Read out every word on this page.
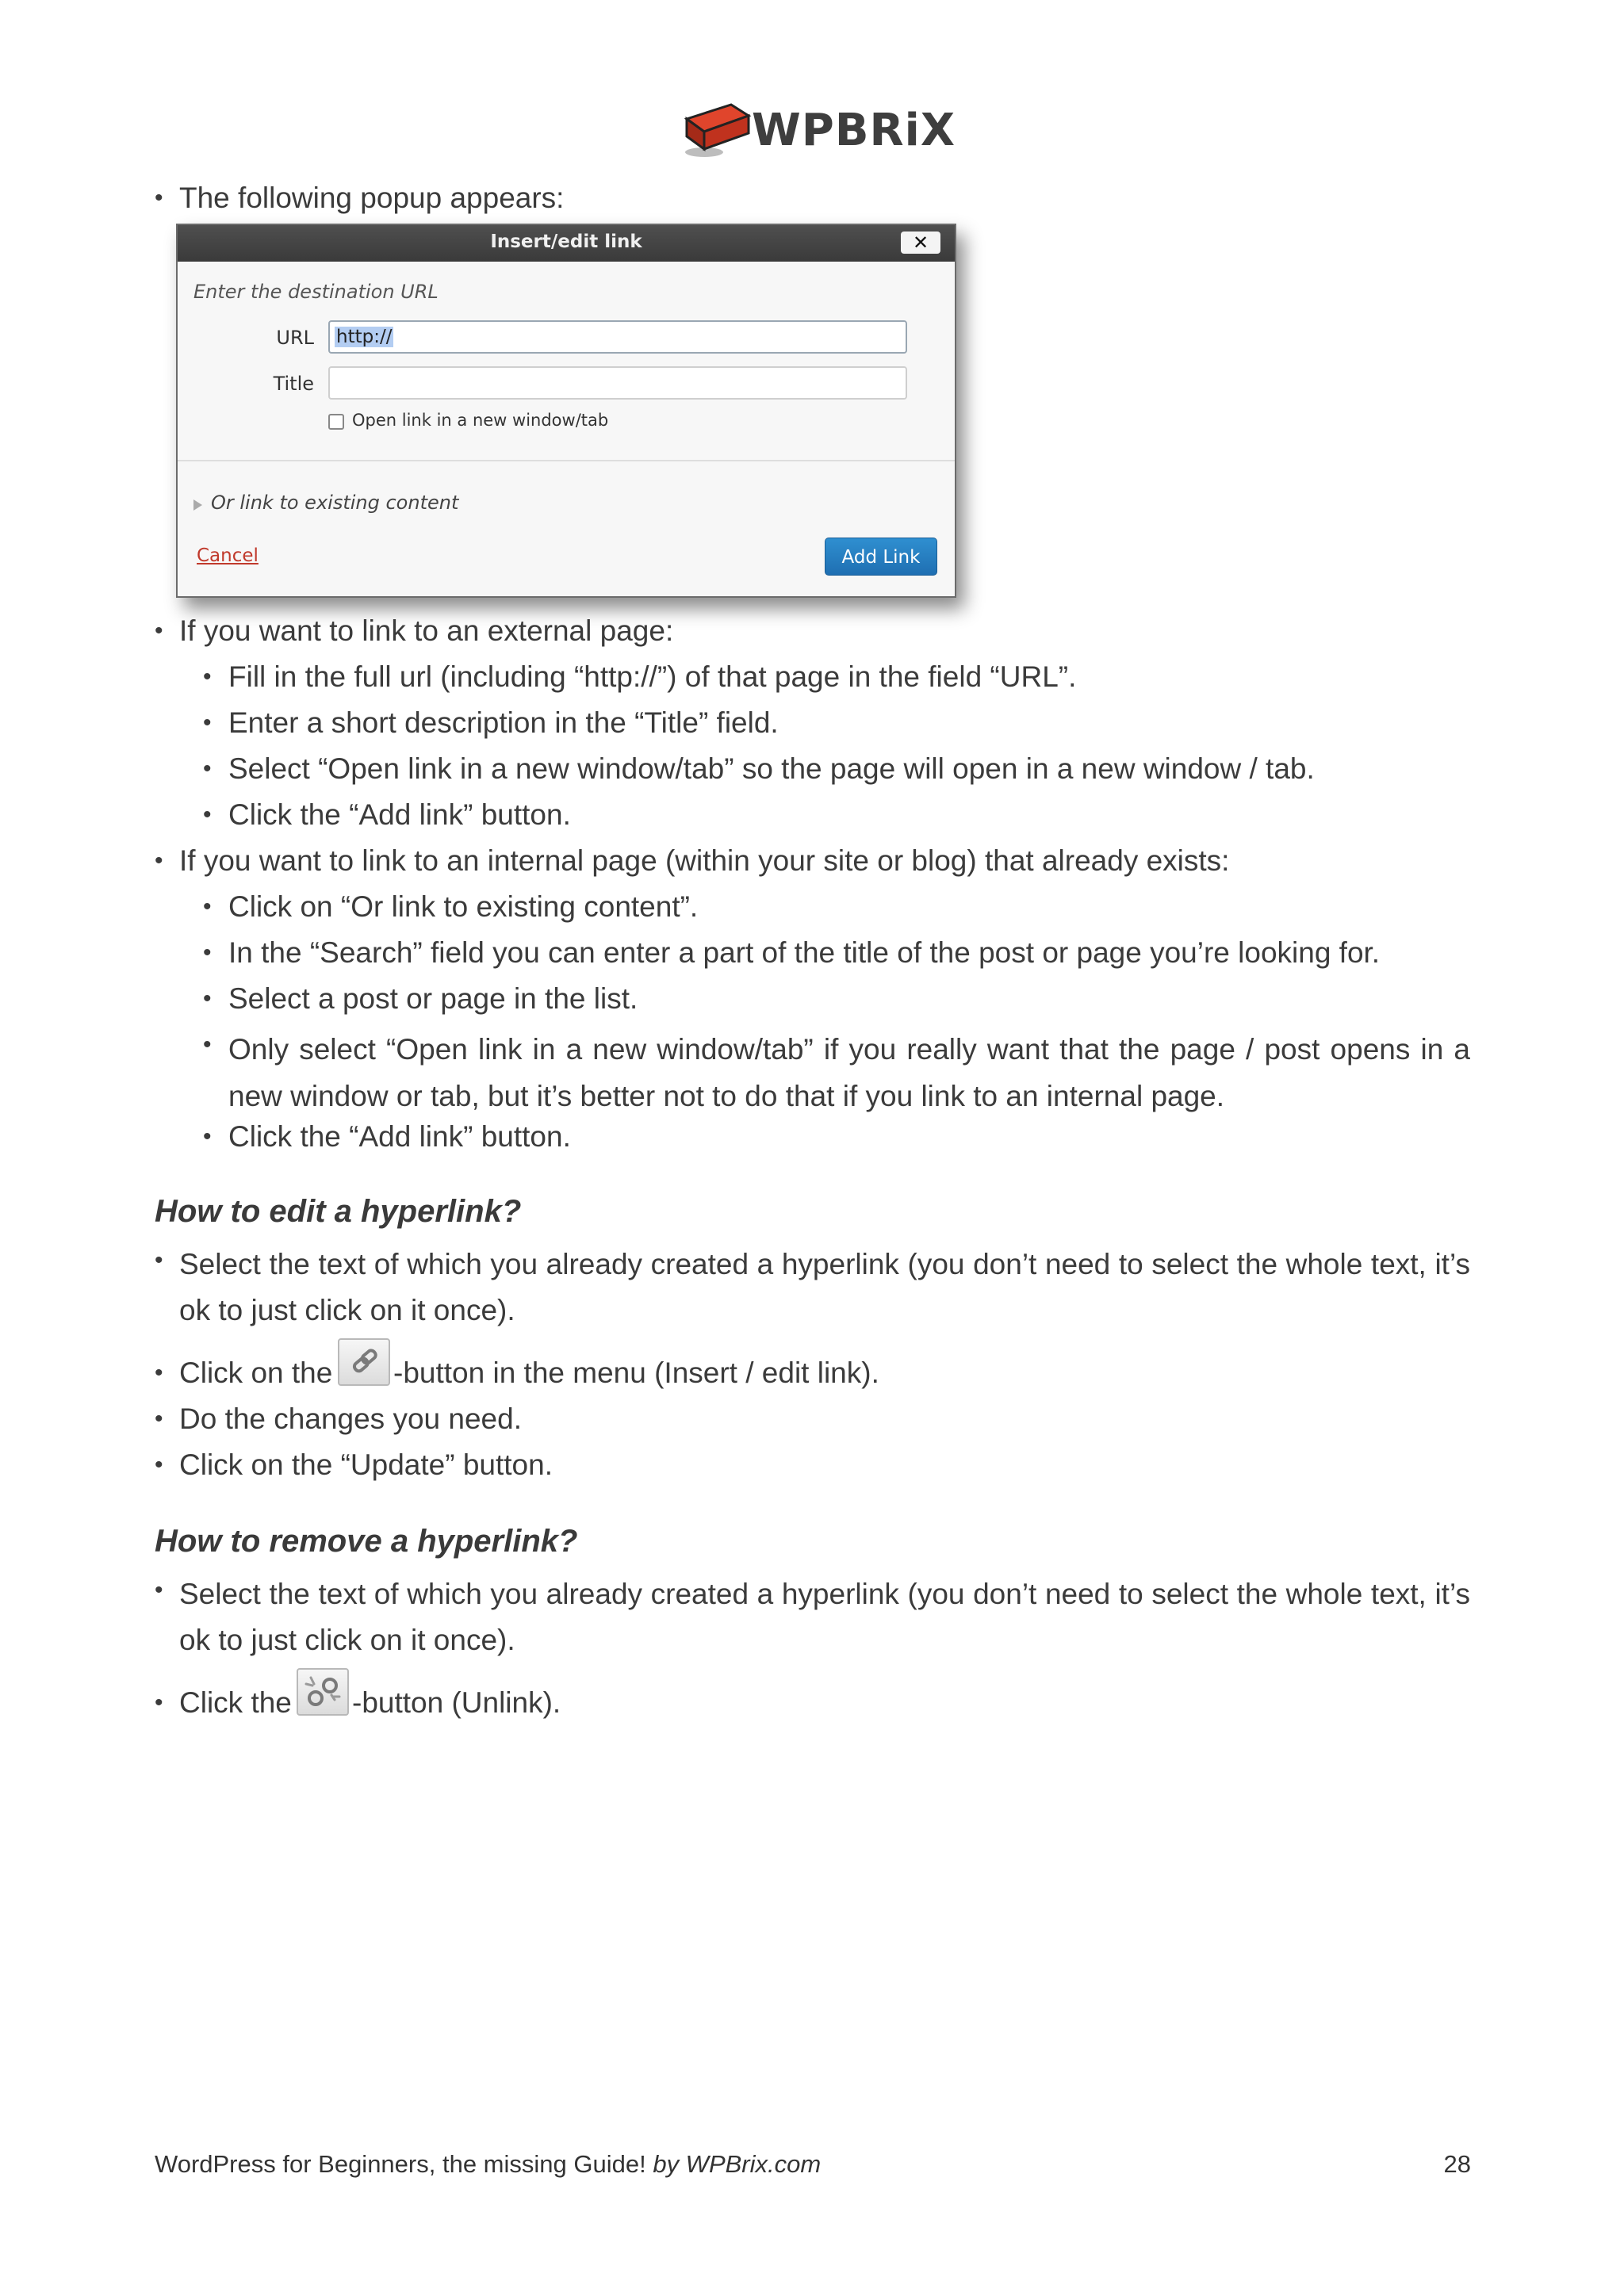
WPBRiX
• The following popup appears:
Insert/edit link	✕
Enter the destination URL
URL http://
Title
Open link in a new window/tab
Or link to existing content
Cancel	Add Link
• If you want to link to an external page:
• Fill in the full url (including “http://”) of that page in the field “URL”.
• Enter a short description in the “Title” field.
• Select “Open link in a new window/tab” so the page will open in a new window / tab.
• Click the “Add link” button.
• If you want to link to an internal page (within your site or blog) that already exists:
• Click on “Or link to existing content”.
• In the “Search” field you can enter a part of the title of the post or page you’re looking for.
• Select a post or page in the list.
• Only select “Open link in a new window/tab” if you really want that the page / post opens in a new window or tab, but it’s better not to do that if you link to an internal page.
• Click the “Add link” button.
How to edit a hyperlink?
• Select the text of which you already created a hyperlink (you don’t need to select the whole text, it’s ok to just click on it once).
• Click on the -button in the menu (Insert / edit link).
• Do the changes you need.
• Click on the “Update” button.
How to remove a hyperlink?
• Select the text of which you already created a hyperlink (you don’t need to select the whole text, it’s ok to just click on it once).
• Click the -button (Unlink).
WordPress for Beginners, the missing Guide! by WPBrix.com	28
